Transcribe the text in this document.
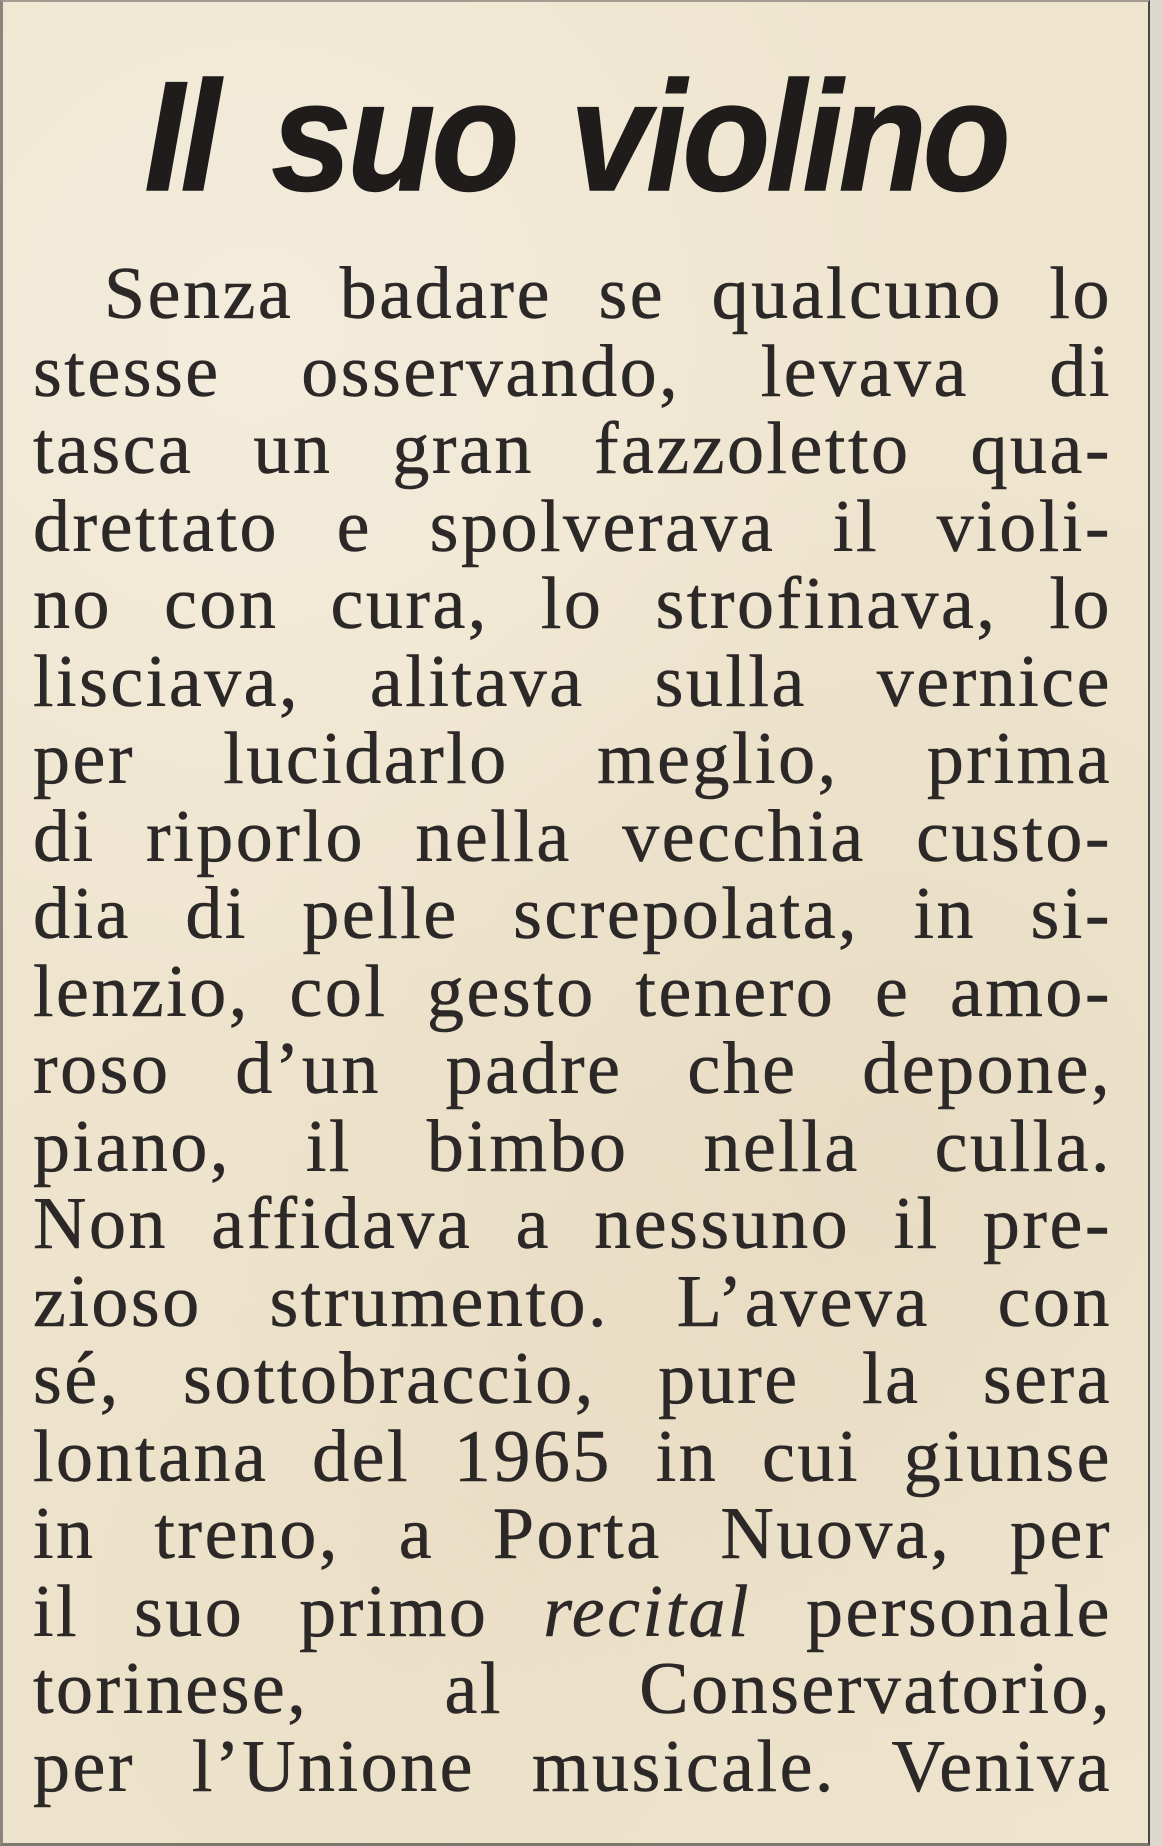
Il suo violino
Senza badare se qualcuno lo
stesse osservando, levava di
tasca un gran fazzoletto qua-
drettato e spolverava il violi-
no con cura, lo strofinava, lo
lisciava, alitava sulla vernice
per lucidarlo meglio, prima
di riporlo nella vecchia custo-
dia di pelle screpolata, in si-
lenzio, col gesto tenero e amo-
roso d’un padre che depone,
piano, il bimbo nella culla.
Non affidava a nessuno il pre-
zioso strumento. L’aveva con
sé, sottobraccio, pure la sera
lontana del 1965 in cui giunse
in treno, a Porta Nuova, per
il suo primo recital personale
torinese, al Conservatorio,
per l’Unione musicale. Veniva
